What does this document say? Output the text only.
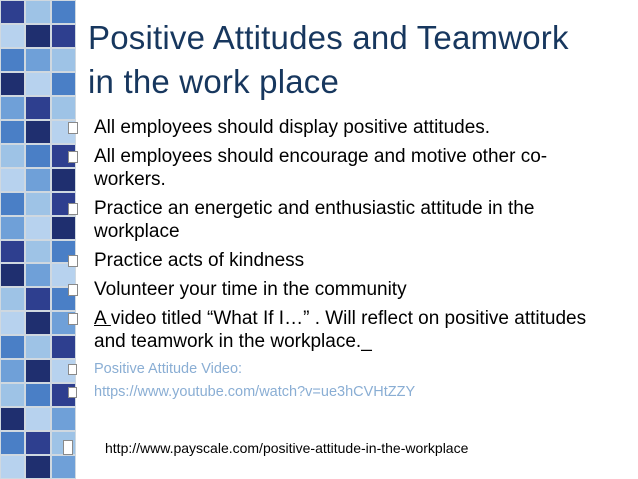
Positive Attitudes and Teamwork
in the work place
All employees should display positive attitudes.
All employees should encourage and motive other co-workers.
Practice an energetic and enthusiastic attitude in the workplace
Practice acts of kindness
Volunteer your time in the community
A video titled “What If I…” . Will reflect on positive attitudes and teamwork in the workplace._
Positive Attitude Video:
https://www.youtube.com/watch?v=ue3hCVHtZZY
http://www.payscale.com/positive-attitude-in-the-workplace
